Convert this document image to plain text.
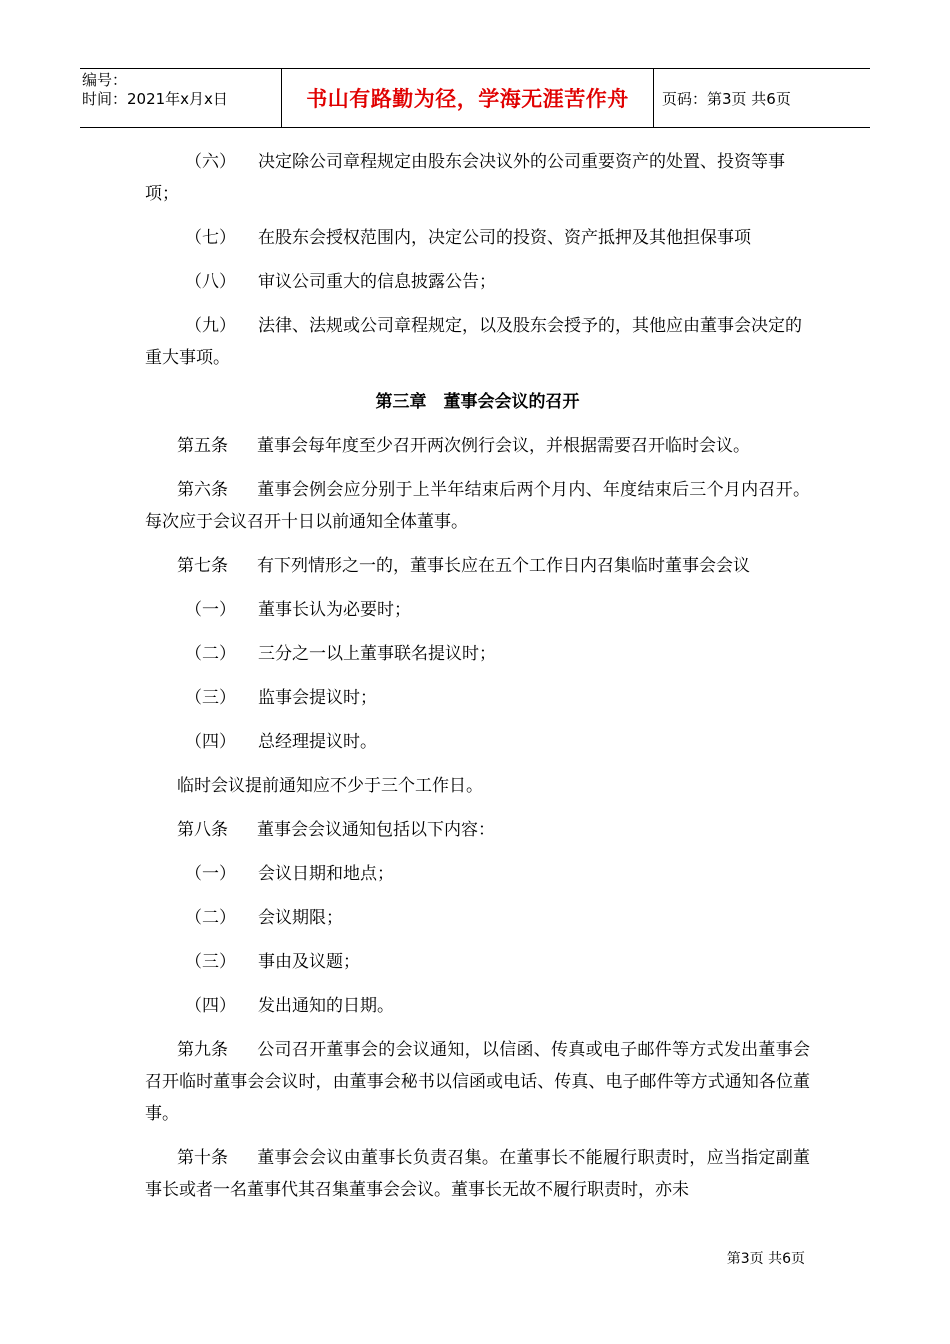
编号：
时间：2021年x月x日	书山有路勤为径，学海无涯苦作舟	页码：第3页 共6页
（六） 决定除公司章程规定由股东会决议外的公司重要资产的处置、投资等事项；
（七）	在股东会授权范围内，决定公司的投资、资产抵押及其他担保事项
（八）	审议公司重大的信息披露公告；
（九） 法律、法规或公司章程规定，以及股东会授予的，其他应由董事会决定的重大事项。
第三章　董事会会议的召开
第五条 董事会每年度至少召开两次例行会议，并根据需要召开临时会议。
第六条 董事会例会应分别于上半年结束后两个月内、年度结束后三个月内召开。每次应于会议召开十日以前通知全体董事。
第七条 有下列情形之一的，董事长应在五个工作日内召集临时董事会会议
（一）	董事长认为必要时；
（二）	三分之一以上董事联名提议时；
（三）	监事会提议时；
（四）	总经理提议时。
临时会议提前通知应不少于三个工作日。
第八条 董事会会议通知包括以下内容：
（一）	会议日期和地点；
（二）	会议期限；
（三）	事由及议题；
（四）	发出通知的日期。
第九条 公司召开董事会的会议通知，以信函、传真或电子邮件等方式发出董事会召开临时董事会会议时，由董事会秘书以信函或电话、传真、电子邮件等方式通知各位董事。
第十条 董事会会议由董事长负责召集。在董事长不能履行职责时，应当指定副董事长或者一名董事代其召集董事会会议。董事长无故不履行职责时，亦未
第3页 共6页
